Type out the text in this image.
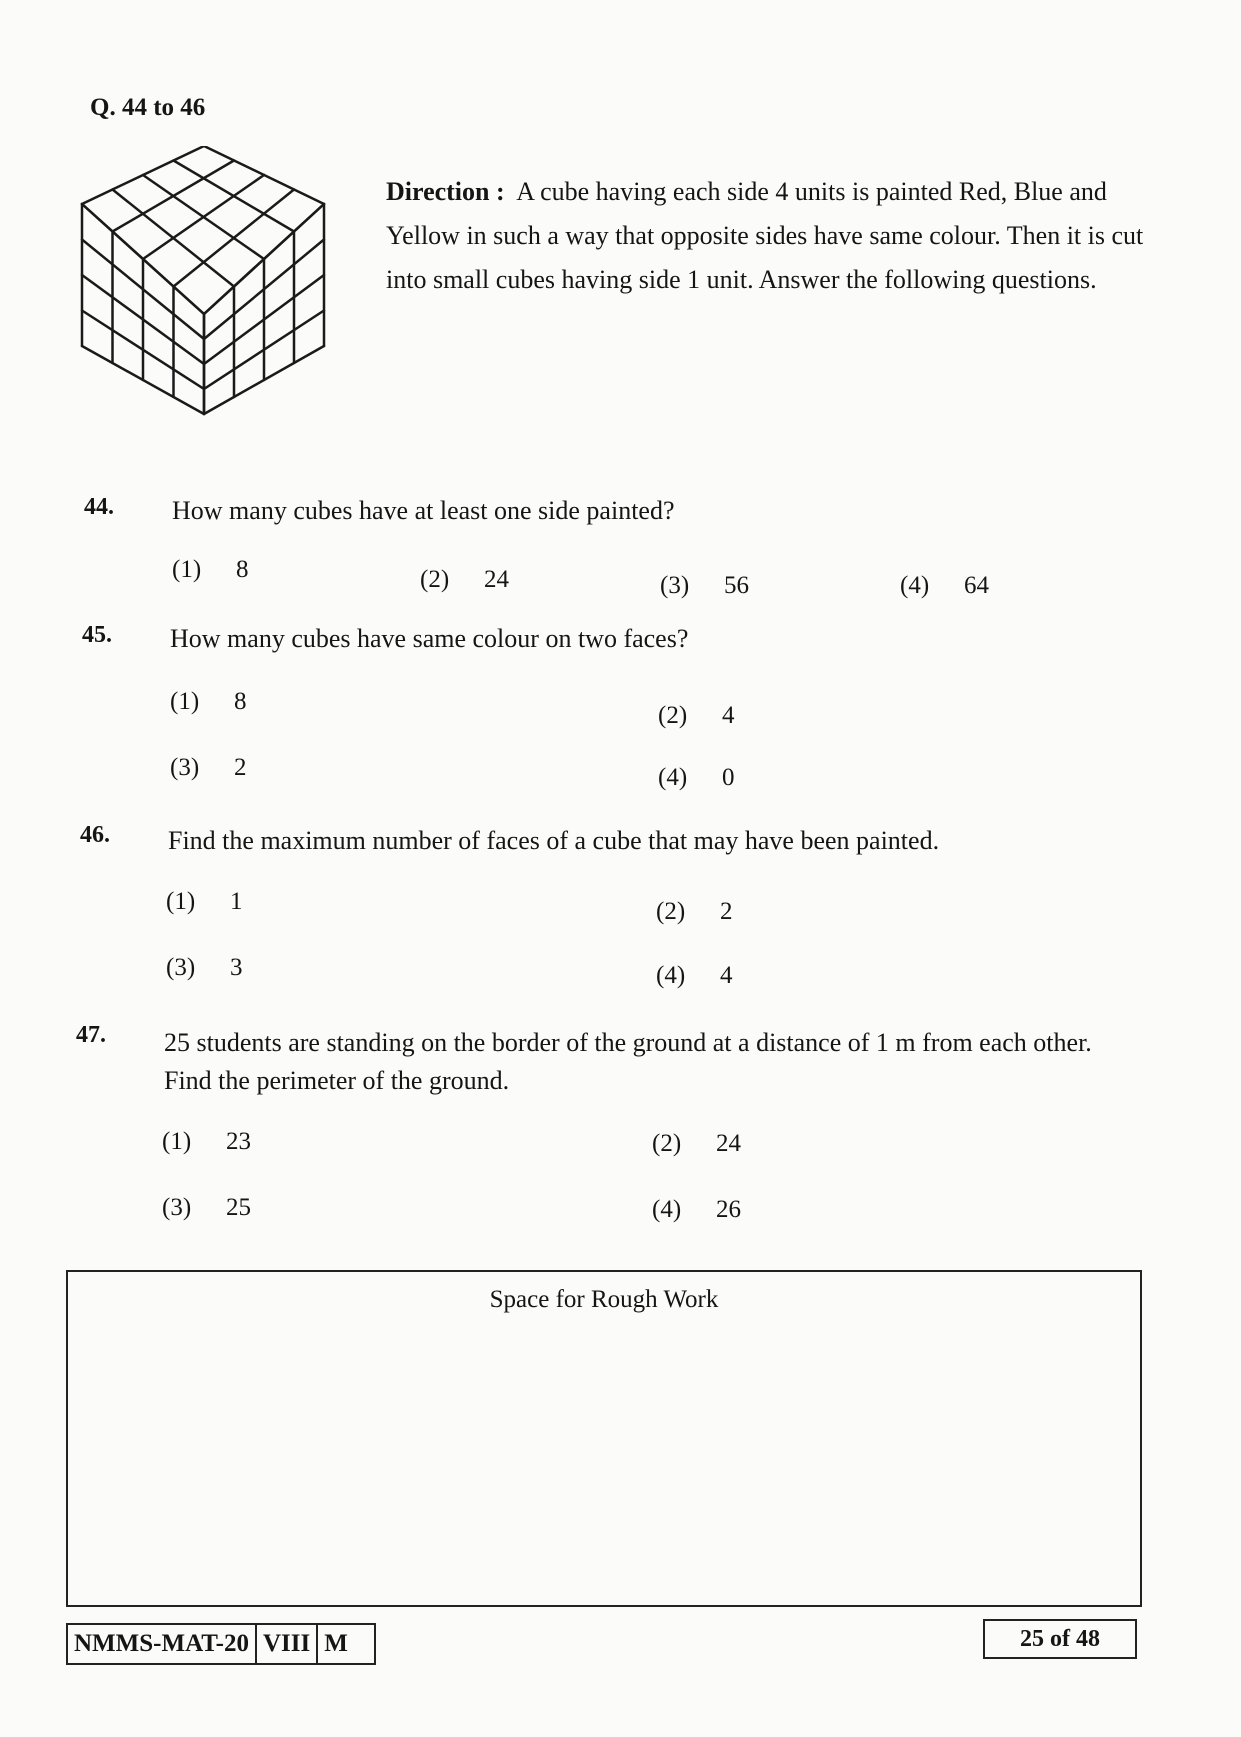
Q. 44 to 46
Direction : A cube having each side 4 units is painted Red, Blue and
Yellow in such a way that opposite sides have same colour. Then it is cut
into small cubes having side 1 unit. Answer the following questions.
44. How many cubes have at least one side painted?
(1) 8	(2) 24	(3) 56	(4) 64
45. How many cubes have same colour on two faces?
(1) 8
(2) 4
(3) 2	(4) 0
46. Find the maximum number of faces of a cube that may have been painted.
(1) 1	(2) 2
(3) 3	(4) 4
47. 25 students are standing on the border of the ground at a distance of 1 m from each other.
Find the perimeter of the ground.
(1) 23	(2) 24
(3) 25	(4) 26
Space for Rough Work
NMMS-MAT-20 VIII M	25 of 48
